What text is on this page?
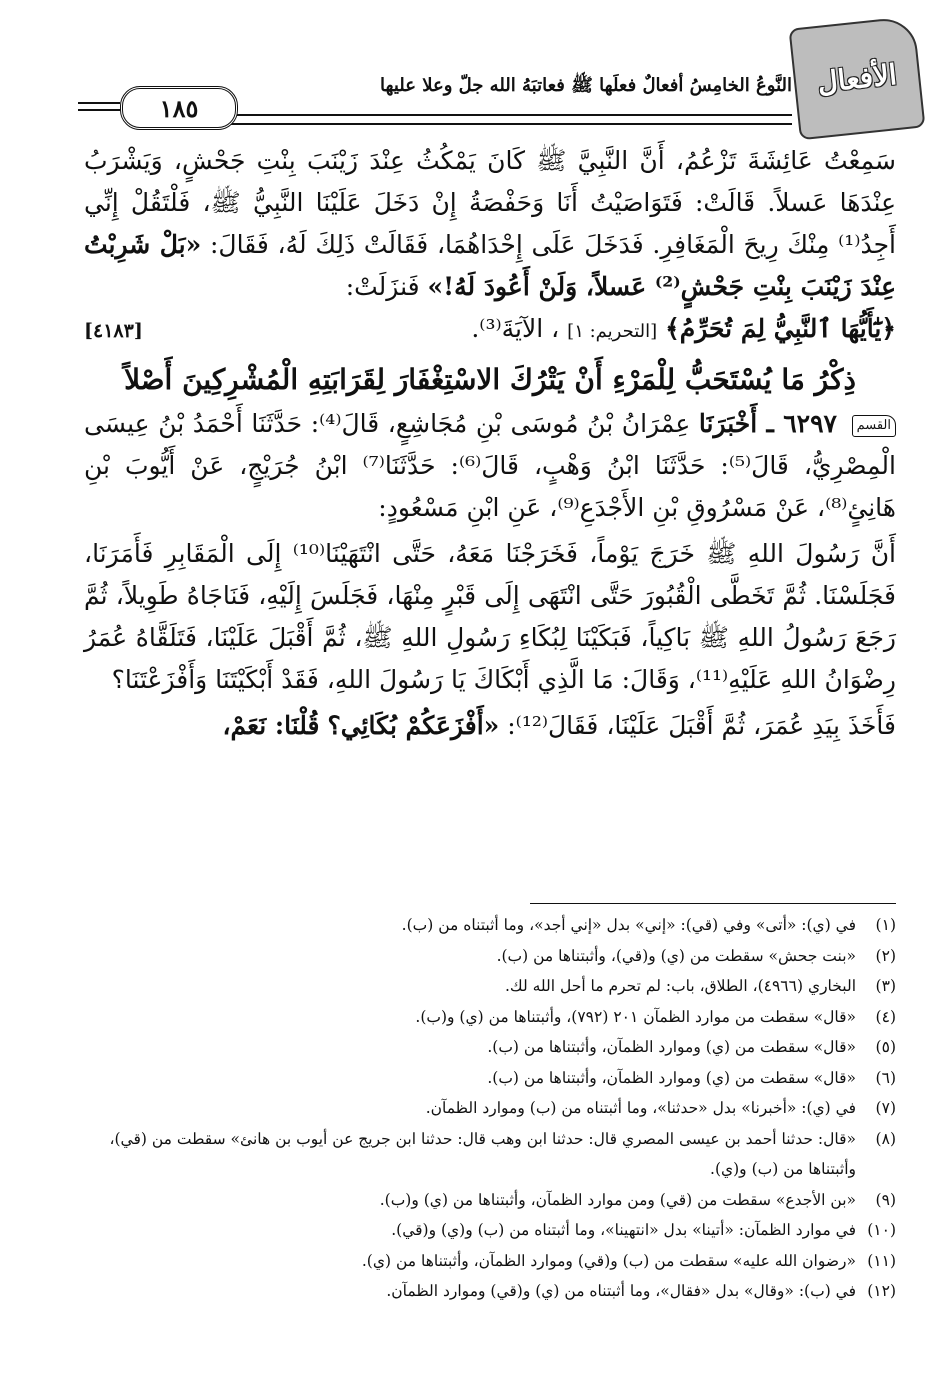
الأفعال
النَّوعُ الخامِسُ أفعالٌ فعلَها ﷺ فعاتبَهُ الله جلّ وعلا عليها
١٨٥

سَمِعْتُ عَائِشَةَ تَزْعُمُ، أَنَّ النَّبِيَّ ﷺ كَانَ يَمْكُثُ عِنْدَ زَيْنَبَ بِنْتِ جَحْشٍ، وَيَشْرَبُ عِنْدَهَا عَسلاً. قَالَتْ: فَتَوَاصَيْتُ أَنَا وَحَفْصَةُ إِنْ دَخَلَ عَلَيْنَا النَّبِيُّ ﷺ، فَلْتَقُلْ إِنِّي أَجِدُ⁽¹⁾ مِنْكَ رِيحَ الْمَغَافِرِ. فَدَخَلَ عَلَى إِحْدَاهُمَا، فَقَالَتْ ذَلِكَ لَهُ، فَقَالَ: «بَلْ شَرِبْتُ عِنْدَ زَيْنَبَ بِنْتِ جَحْشٍ⁽²⁾ عَسلاً، وَلَنْ أَعُودَ لَهُ!» فَنزَلَتْ:

﴿يَٰٓأَيُّهَا ٱلنَّبِيُّ لِمَ تُحَرِّمُ﴾ [التحريم: ١] ، الآيَةَ⁽³⁾.
[٤١٨٣]
ذِكْرُ مَا يُسْتَحَبُّ لِلْمَرْءِ أَنْ يَتْرُكَ الاسْتِغْفَارَ لِقَرَابَتِهِ الْمُشْرِكِينَ أَصْلاً

القسم ٦٢٩٧ ـ أَخْبَرَنَا عِمْرَانُ بْنُ مُوسَى بْنِ مُجَاشِعٍ، قَالَ⁽⁴⁾: حَدَّثَنَا أَحْمَدُ بْنُ عِيسَى الْمِصْرِيُّ، قَالَ⁽⁵⁾: حَدَّثَنَا ابْنُ وَهْبٍ، قَالَ⁽⁶⁾: حَدَّثَنَا⁽⁷⁾ ابْنُ جُرَيْجٍ، عَنْ أَيُّوبَ بْنِ هَانِئٍ⁽⁸⁾، عَنْ مَسْرُوقِ بْنِ الأَجْدَعِ⁽⁹⁾، عَنِ ابْنِ مَسْعُودٍ:

أَنَّ رَسُولَ اللهِ ﷺ خَرَجَ يَوْماً، فَخَرَجْنَا مَعَهُ، حَتَّى انْتَهَيْنَا⁽¹⁰⁾ إِلَى الْمَقَابِرِ فَأَمَرَنَا، فَجَلَسْنَا. ثُمَّ تَخَطَّى الْقُبُورَ حَتَّى انْتَهَى إِلَى قَبْرٍ مِنْهَا، فَجَلَسَ إِلَيْهِ، فَنَاجَاهُ طَوِيلاً، ثُمَّ رَجَعَ رَسُولُ اللهِ ﷺ بَاكِياً، فَبَكَيْنَا لِبُكَاءِ رَسُولِ اللهِ ﷺ، ثُمَّ أَقْبَلَ عَلَيْنَا، فَتَلَقَّاهُ عُمَرُ رِضْوَانُ اللهِ عَلَيْهِ⁽¹¹⁾، وَقَالَ: مَا الَّذِي أَبْكَاكَ يَا رَسُولَ اللهِ، فَقَدْ أَبْكَيْتَنَا وَأَفْزَعْتَنَا؟

فَأَخَذَ بِيَدِ عُمَرَ، ثُمَّ أَقْبَلَ عَلَيْنَا، فَقَالَ⁽¹²⁾: «أَفْزَعَكُمْ بُكَائِي؟ قُلْنَا: نَعَمْ،

(١)
في (ي): «أتى» وفي (قي): «إني» بدل «إني أجد»، وما أثبتناه من (ب).
(٢)
«بنت جحش» سقطت من (ي) و(قي)، وأثبتناها من (ب).
(٣)
البخاري (٤٩٦٦)، الطلاق، باب: لم تحرم ما أحل الله لك.
(٤)
«قال» سقطت من موارد الظمآن ٢٠١ (٧٩٢)، وأثبتناها من (ي) و(ب).
(٥)
«قال» سقطت من (ي) وموارد الظمآن، وأثبتناها من (ب).
(٦)
«قال» سقطت من (ي) وموارد الظمآن، وأثبتناها من (ب).
(٧)
في (ي): «أخبرنا» بدل «حدثنا»، وما أثبتناه من (ب) وموارد الظمآن.
(٨)
«قال: حدثنا أحمد بن عيسى المصري قال: حدثنا ابن وهب قال: حدثنا ابن جريج عن أيوب بن هانئ» سقطت من (قي)، وأثبتناها من (ب) و(ي).
(٩)
«بن الأجدع» سقطت من (قي) ومن موارد الظمآن، وأثبتناها من (ي) و(ب).
(١٠)
في موارد الظمآن: «أتينا» بدل «انتهينا»، وما أثبتناه من (ب) و(ي) و(قي).
(١١)
«رضوان الله عليه» سقطت من (ب) و(قي) وموارد الظمآن، وأثبتناها من (ي).
(١٢)
في (ب): «وقال» بدل «فقال»، وما أثبتناه من (ي) و(قي) وموارد الظمآن.
